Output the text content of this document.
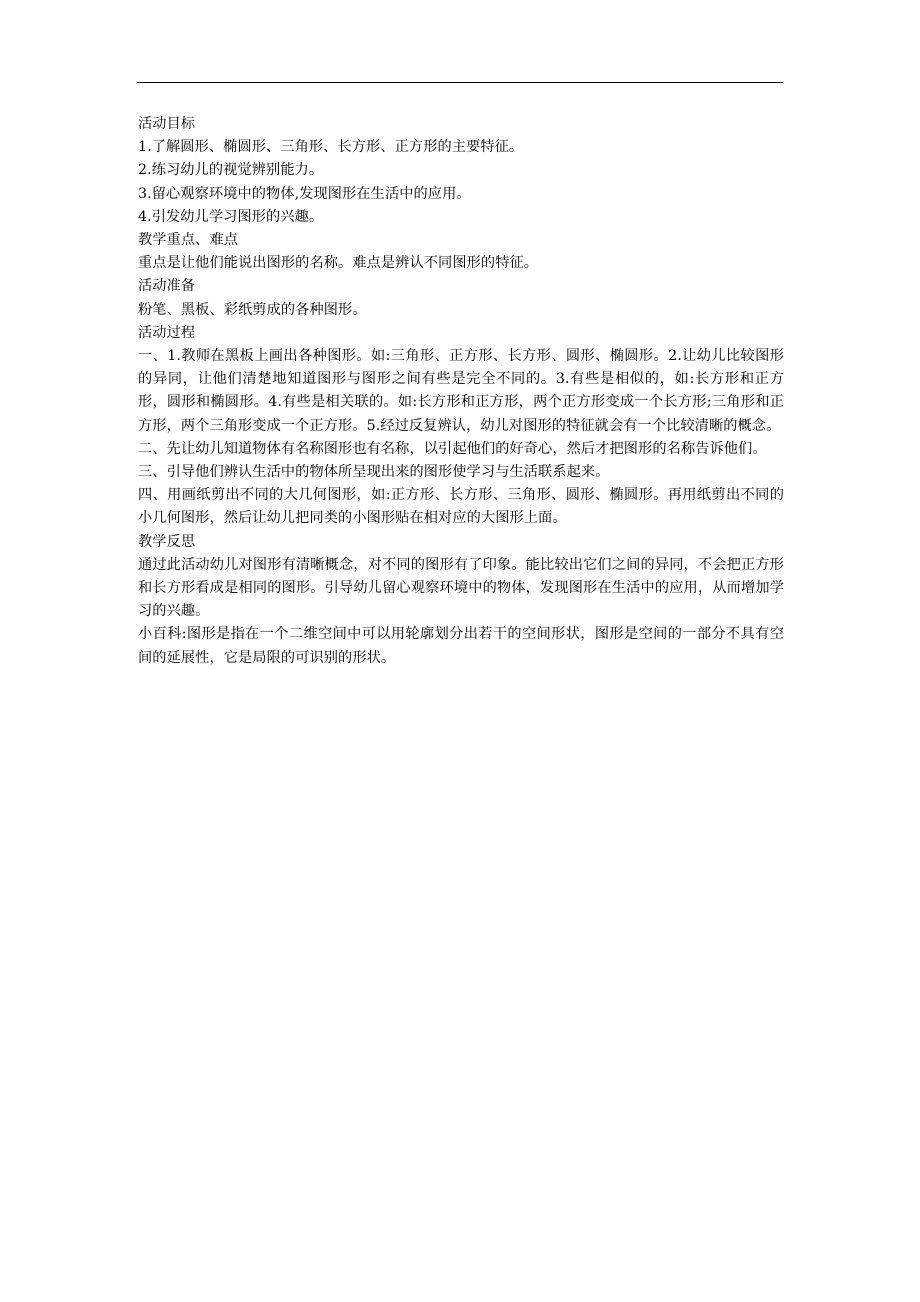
活动目标

1.了解圆形、椭圆形、三角形、长方形、正方形的主要特征。

2.练习幼儿的视觉辨别能力。

3.留心观察环境中的物体,发现图形在生活中的应用。

4.引发幼儿学习图形的兴趣。

教学重点、难点

重点是让他们能说出图形的名称。难点是辨认不同图形的特征。

活动准备

粉笔、黑板、彩纸剪成的各种图形。

活动过程

一、1.教师在黑板上画出各种图形。如:三角形、正方形、长方形、圆形、椭圆形。2.让幼儿比较图形的异同，让他们清楚地知道图形与图形之间有些是完全不同的。3.有些是相似的，如:长方形和正方形，圆形和椭圆形。4.有些是相关联的。如:长方形和正方形，两个正方形变成一个长方形;三角形和正方形，两个三角形变成一个正方形。5.经过反复辨认，幼儿对图形的特征就会有一个比较清晰的概念。

二、先让幼儿知道物体有名称图形也有名称，以引起他们的好奇心，然后才把图形的名称告诉他们。

三、引导他们辨认生活中的物体所呈现出来的图形使学习与生活联系起来。

四、用画纸剪出不同的大几何图形，如:正方形、长方形、三角形、圆形、椭圆形。再用纸剪出不同的小几何图形，然后让幼儿把同类的小图形贴在相对应的大图形上面。

教学反思

通过此活动幼儿对图形有清晰概念，对不同的图形有了印象。能比较出它们之间的异同，不会把正方形和长方形看成是相同的图形。引导幼儿留心观察环境中的物体，发现图形在生活中的应用，从而增加学习的兴趣。

小百科:图形是指在一个二维空间中可以用轮廓划分出若干的空间形状，图形是空间的一部分不具有空间的延展性，它是局限的可识别的形状。
